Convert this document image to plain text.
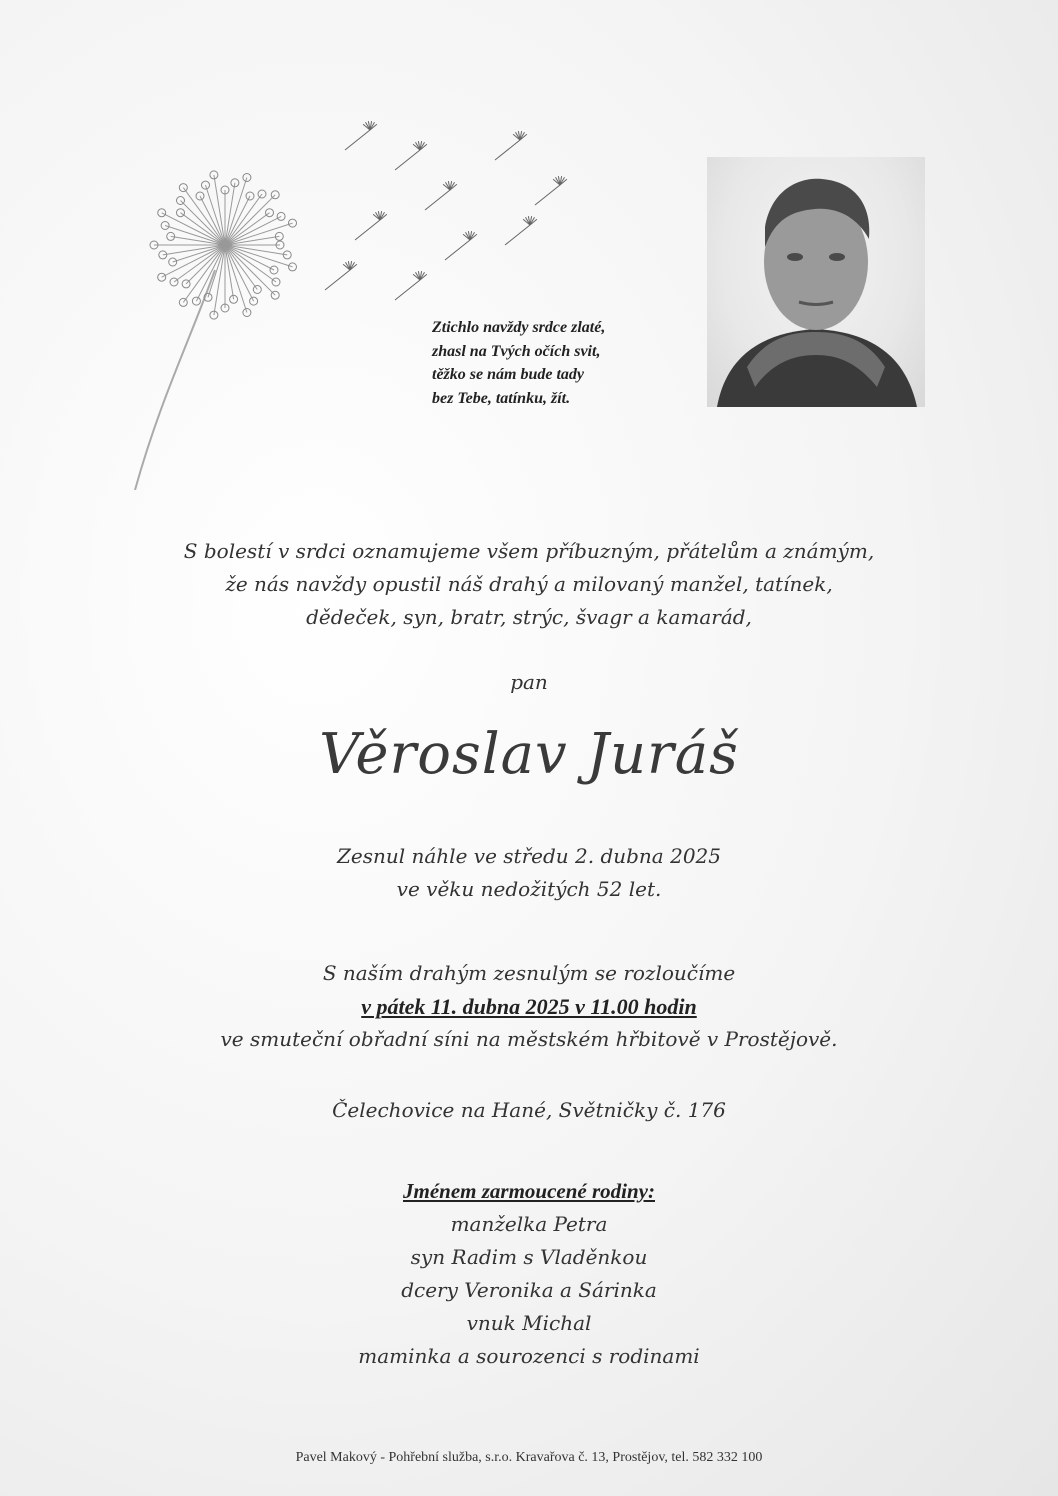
Ztichlo navždy srdce zlaté,
zhasl na Tvých očích svit,
těžko se nám bude tady
bez Tebe, tatínku, žít.
S bolestí v srdci oznamujeme všem příbuzným, přátelům a známým,
že nás navždy opustil náš drahý a milovaný manžel, tatínek,
dědeček, syn, bratr, strýc, švagr a kamarád,
pan
Věroslav Juráš
Zesnul náhle ve středu 2. dubna 2025
ve věku nedožitých 52 let.
S naším drahým zesnulým se rozloučíme
v pátek 11. dubna 2025 v 11.00 hodin
ve smuteční obřadní síni na městském hřbitově v Prostějově.
Čelechovice na Hané, Světničky č. 176
Jménem zarmoucené rodiny:
manželka Petra
syn Radim s Vladěnkou
dcery Veronika a Sárinka
vnuk Michal
maminka a sourozenci s rodinami
Pavel Makový - Pohřební služba, s.r.o. Kravařova č. 13, Prostějov, tel. 582 332 100
